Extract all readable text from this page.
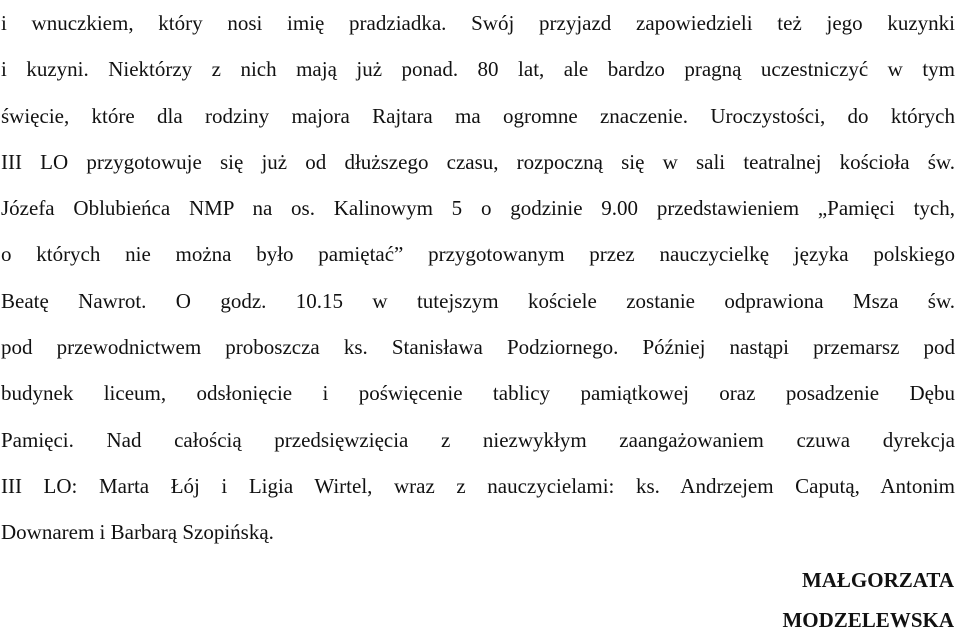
i wnuczkiem, który nosi imię pradziadka. Swój przyjazd zapowiedzieli też jego kuzynki
i kuzyni. Niektórzy z nich mają już ponad. 80 lat, ale bardzo pragną uczestniczyć w tym
święcie, które dla rodziny majora Rajtara ma ogromne znaczenie. Uroczystości, do których
III LO przygotowuje się już od dłuższego czasu, rozpoczną się w sali teatralnej kościoła św.
Józefa Oblubieńca NMP na os. Kalinowym 5 o godzinie 9.00 przedstawieniem „Pamięci tych,
o których nie można było pamiętać” przygotowanym przez nauczycielkę języka polskiego
Beatę Nawrot. O godz. 10.15 w tutejszym kościele zostanie odprawiona Msza św.
pod przewodnictwem proboszcza ks. Stanisława Podziornego. Później nastąpi przemarsz pod
budynek liceum, odsłonięcie i poświęcenie tablicy pamiątkowej oraz posadzenie Dębu
Pamięci. Nad całością przedsięwzięcia z niezwykłym zaangażowaniem czuwa dyrekcja
III LO: Marta Łój i Ligia Wirtel, wraz z nauczycielami: ks. Andrzejem Caputą, Antonim
Downarem i Barbarą Szopińską.

MAŁGORZATA
MODZELEWSKA
